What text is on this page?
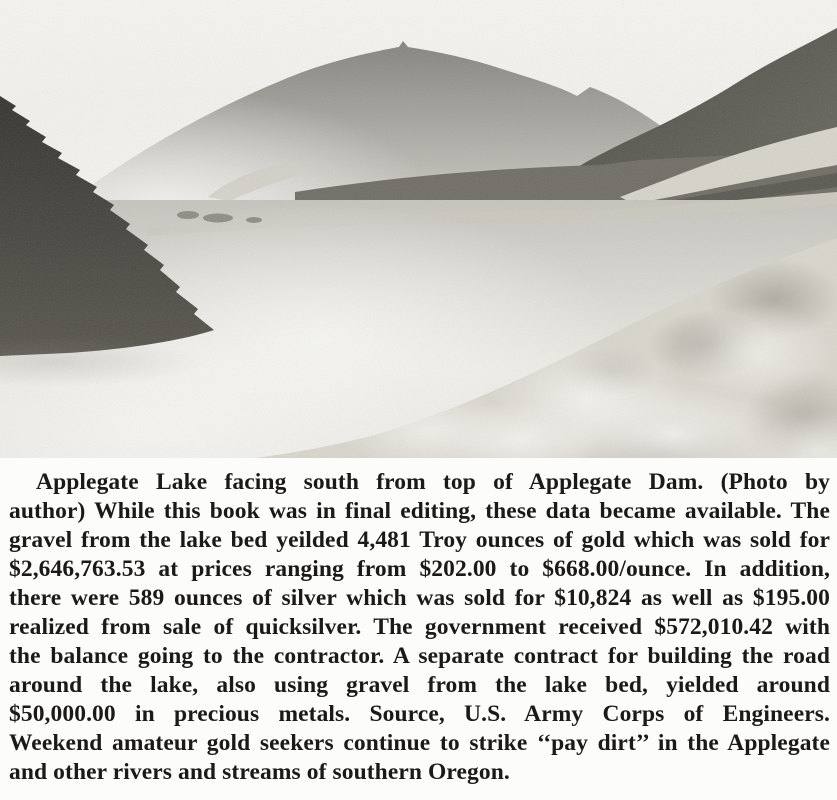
Applegate Lake facing south from top of Applegate Dam. (Photo by
author) While this book was in final editing, these data became available. The
gravel from the lake bed yeilded 4,481 Troy ounces of gold which was sold for
$2,646,763.53 at prices ranging from $202.00 to $668.00/ounce. In addition,
there were 589 ounces of silver which was sold for $10,824 as well as $195.00
realized from sale of quicksilver. The government received $572,010.42 with
the balance going to the contractor. A separate contract for building the road
around the lake, also using gravel from the lake bed, yielded around
$50,000.00 in precious metals. Source, U.S. Army Corps of Engineers.
Weekend amateur gold seekers continue to strike ‘‘pay dirt’’ in the Applegate
and other rivers and streams of southern Oregon.
